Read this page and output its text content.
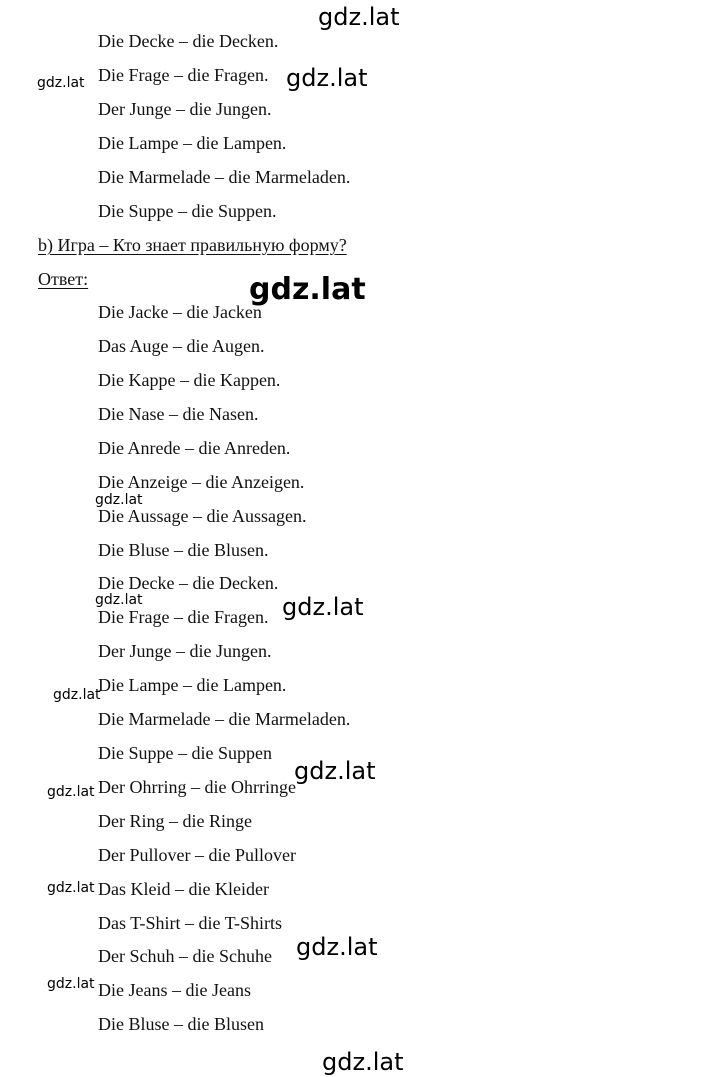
Die Decke – die Decken.
Die Frage – die Fragen.
Der Junge – die Jungen.
Die Lampe – die Lampen.
Die Marmelade – die Marmeladen.
Die Suppe – die Suppen.
b) Игра – Кто знает правильную форму?
Ответ:
Die Jacke – die Jacken
Das Auge – die Augen.
Die Kappe – die Kappen.
Die Nase – die Nasen.
Die Anrede – die Anreden.
Die Anzeige – die Anzeigen.
Die Aussage – die Aussagen.
Die Bluse – die Blusen.
Die Decke – die Decken.
Die Frage – die Fragen.
Der Junge – die Jungen.
Die Lampe – die Lampen.
Die Marmelade – die Marmeladen.
Die Suppe – die Suppen
Der Ohrring – die Ohrringe
Der Ring – die Ringe
Der Pullover – die Pullover
Das Kleid – die Kleider
Das T-Shirt – die T-Shirts
Der Schuh – die Schuhe
Die Jeans – die Jeans
Die Bluse – die Blusen
gdz.lat
gdz.lat	gdz.lat
gdz.lat
gdz.lat
gdz.lat	gdz.lat
gdz.lat
gdz.lat
gdz.lat
gdz.lat
gdz.lat
gdz.lat
gdz.lat
